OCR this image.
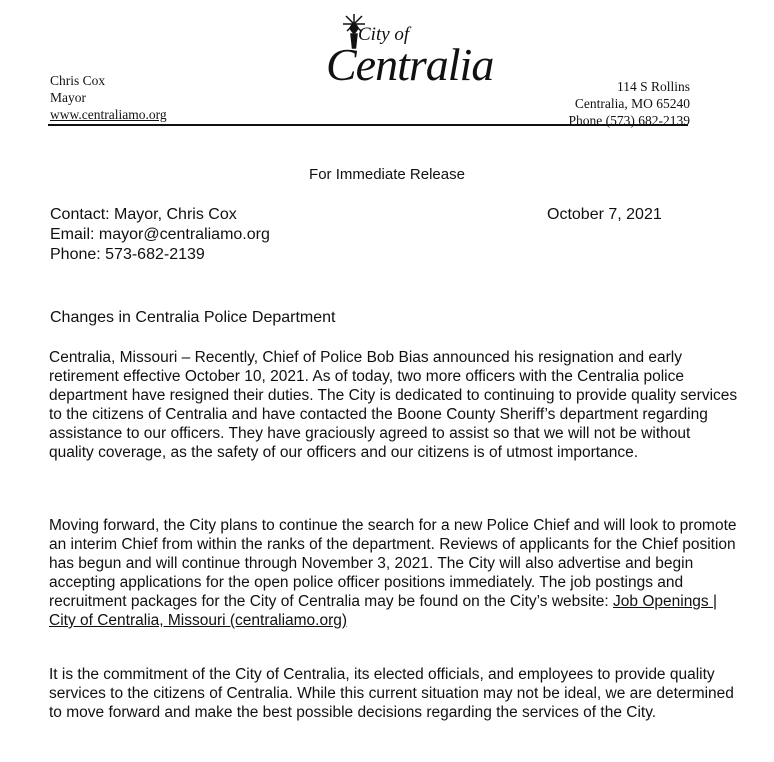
Chris Cox
Mayor
www.centraliamo.org
City of
Centralia	114 S Rollins
Centralia, MO 65240
Phone (573) 682-2139
For Immediate Release
Contact: Mayor, Chris Cox
Email: mayor@centraliamo.org
Phone: 573-682-2139
October 7, 2021
Changes in Centralia Police Department

Centralia, Missouri – Recently, Chief of Police Bob Bias announced his resignation and early retirement effective October 10, 2021. As of today, two more officers with the Centralia police department have resigned their duties. The City is dedicated to continuing to provide quality services to the citizens of Centralia and have contacted the Boone County Sheriff’s department regarding assistance to our officers. They have graciously agreed to assist so that we will not be without quality coverage, as the safety of our officers and our citizens is of utmost importance.

Moving forward, the City plans to continue the search for a new Police Chief and will look to promote an interim Chief from within the ranks of the department. Reviews of applicants for the Chief position has begun and will continue through November 3, 2021. The City will also advertise and begin accepting applications for the open police officer positions immediately. The job postings and recruitment packages for the City of Centralia may be found on the City’s website: Job Openings | City of Centralia, Missouri (centraliamo.org)

It is the commitment of the City of Centralia, its elected officials, and employees to provide quality services to the citizens of Centralia. While this current situation may not be ideal, we are determined to move forward and make the best possible decisions regarding the services of the City.
